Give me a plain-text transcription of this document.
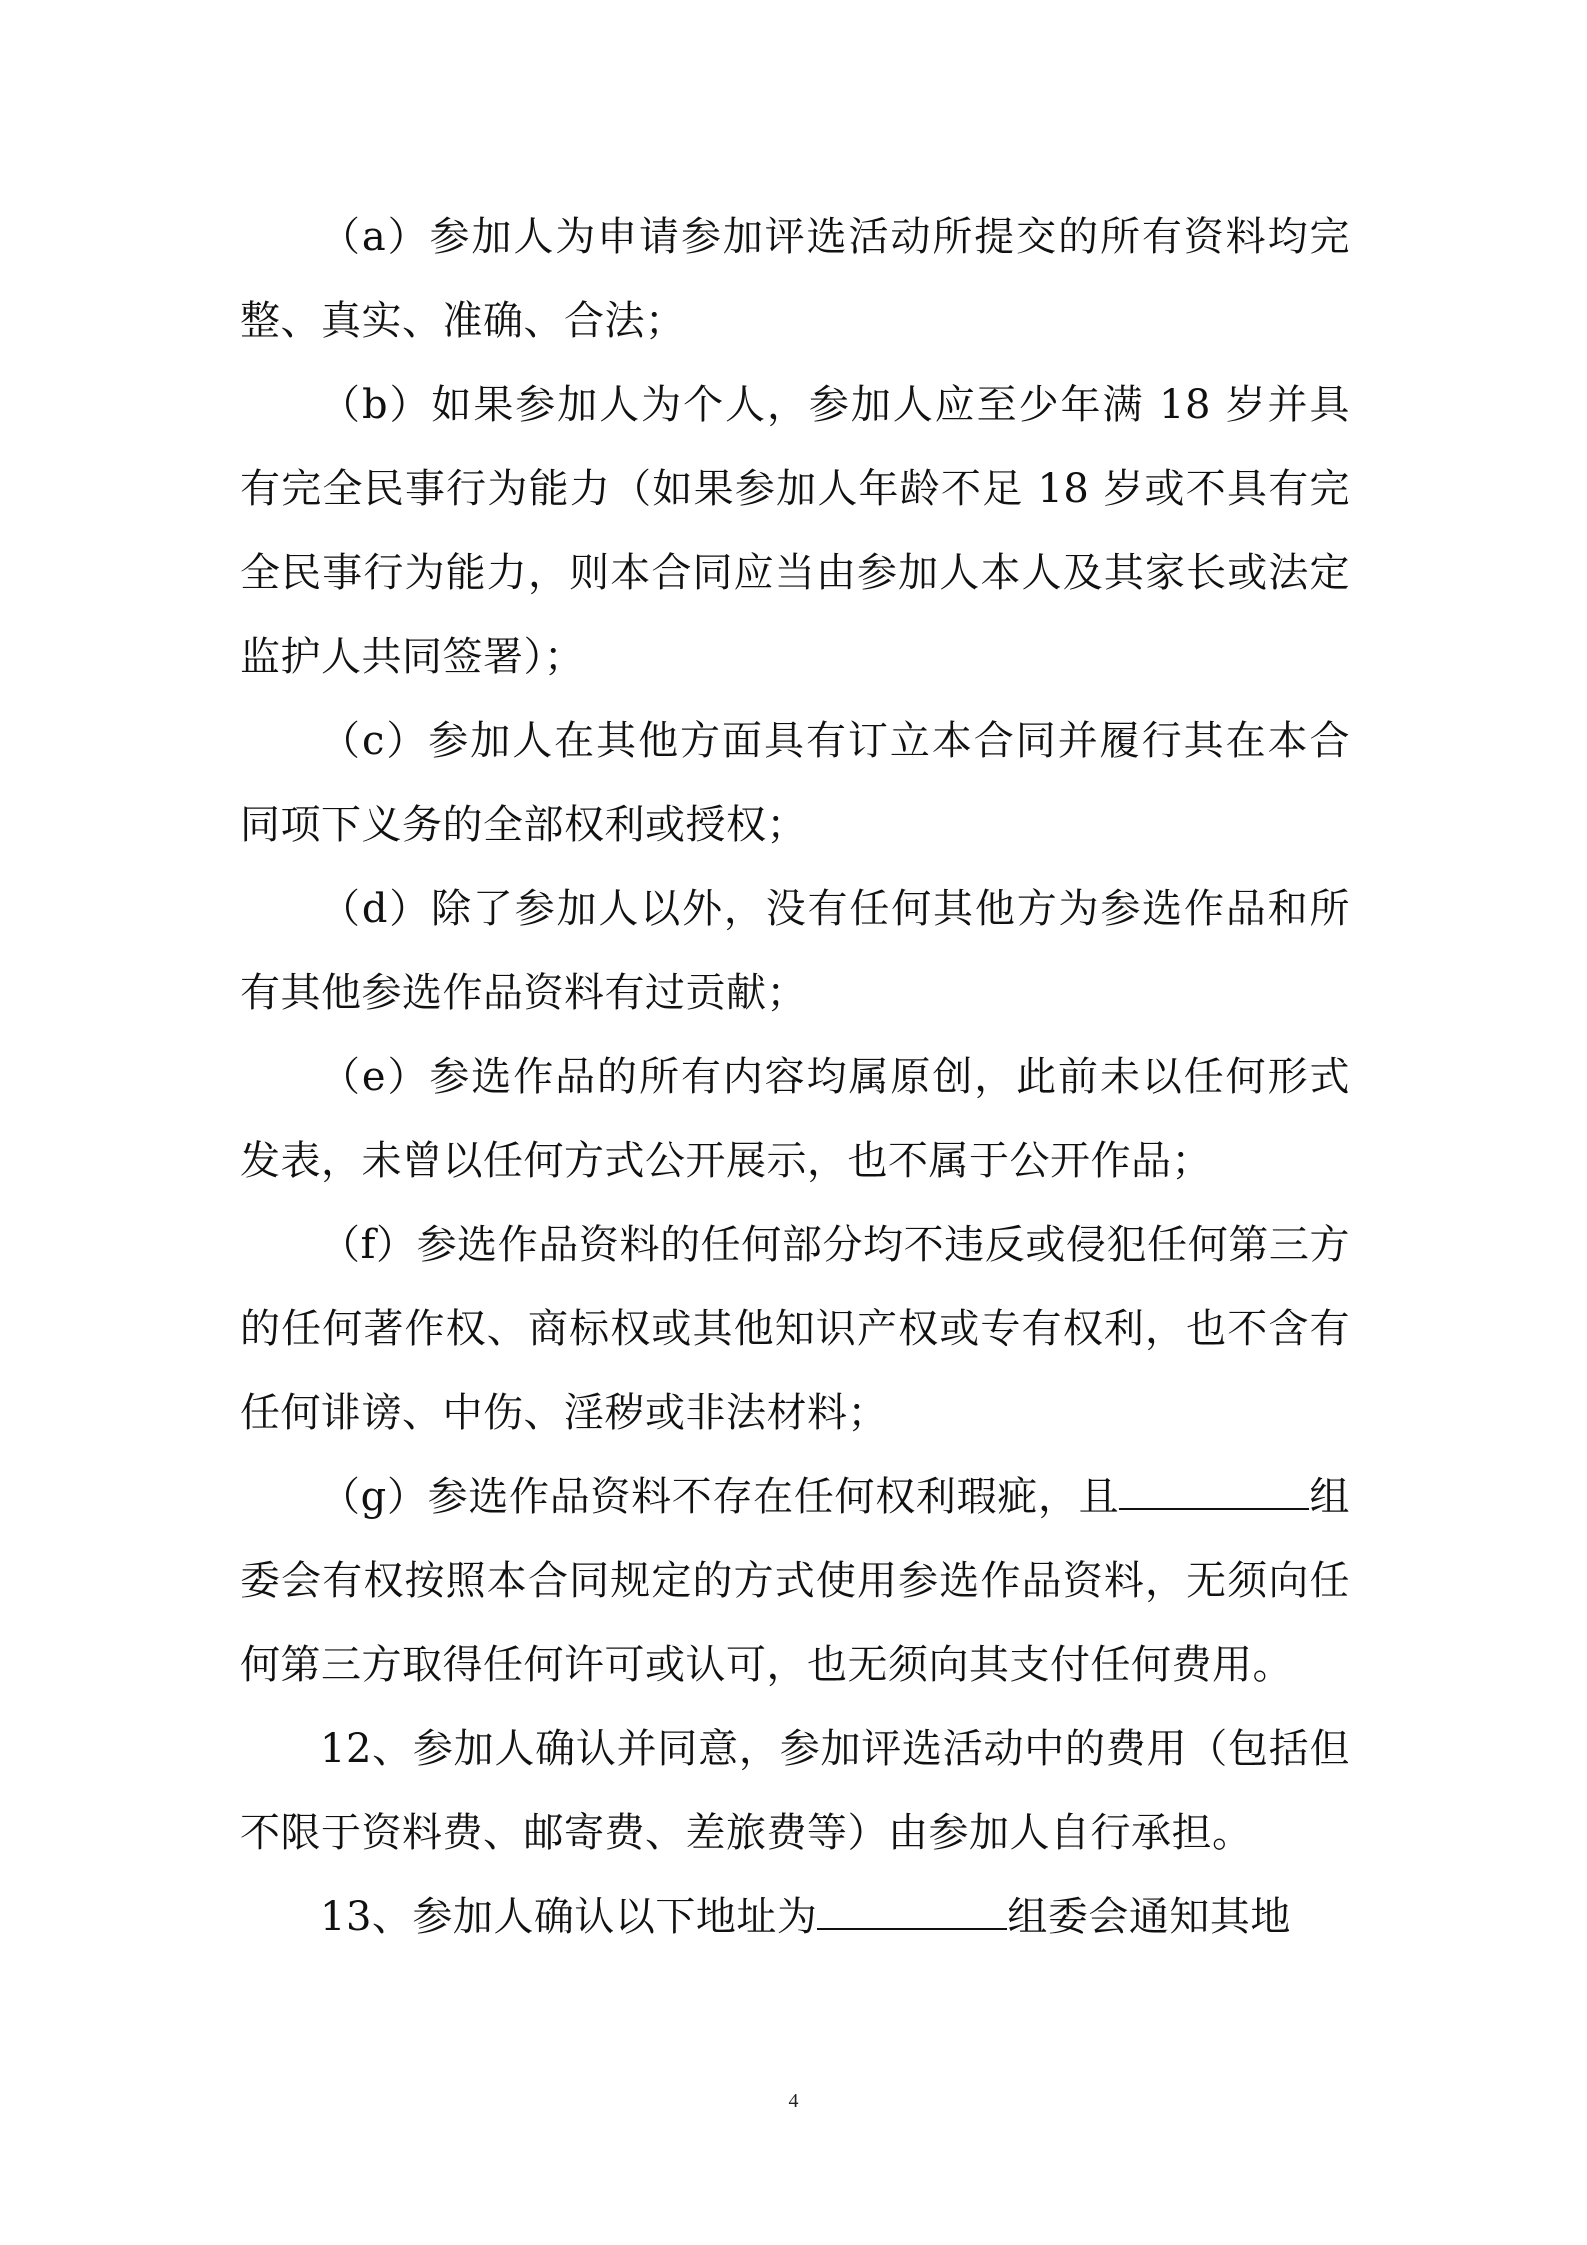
（a）参加人为申请参加评选活动所提交的所有资料均完整、真实、准确、合法；

（b）如果参加人为个人，参加人应至少年满 18 岁并具有完全民事行为能力（如果参加人年龄不足 18 岁或不具有完全民事行为能力，则本合同应当由参加人本人及其家长或法定监护人共同签署）；

（c）参加人在其他方面具有订立本合同并履行其在本合同项下义务的全部权利或授权；

（d）除了参加人以外，没有任何其他方为参选作品和所有其他参选作品资料有过贡献；

（e）参选作品的所有内容均属原创，此前未以任何形式发表，未曾以任何方式公开展示，也不属于公开作品；

（f）参选作品资料的任何部分均不违反或侵犯任何第三方的任何著作权、商标权或其他知识产权或专有权利，也不含有任何诽谤、中伤、淫秽或非法材料；

（g）参选作品资料不存在任何权利瑕疵，且	组委会有权按照本合同规定的方式使用参选作品资料，无须向任何第三方取得任何许可或认可，也无须向其支付任何费用。

12、参加人确认并同意，参加评选活动中的费用（包括但不限于资料费、邮寄费、差旅费等）由参加人自行承担。

13、参加人确认以下地址为	组委会通知其地

4
